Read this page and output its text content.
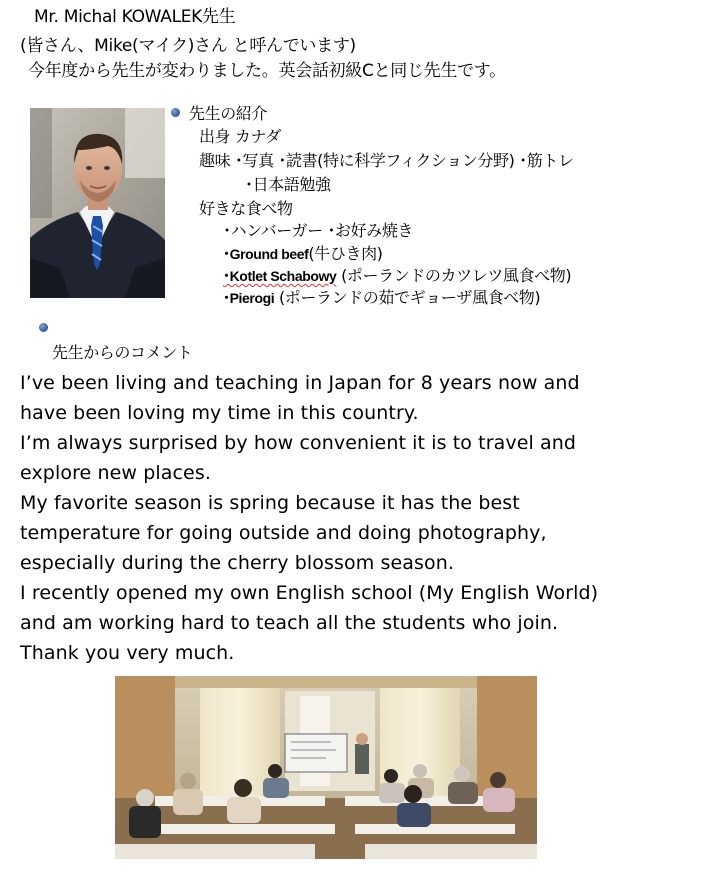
Mr. Michal KOWALEK先生
(皆さん、Mike(マイク)さん と呼んでいます)
今年度から先生が変わりました。英会話初級Cと同じ先生です。
先生の紹介
出身 カナダ
趣味 ･写真 ･読書(特に科学フィクション分野) ･筋トレ
･日本語勉強
好きな食べ物
･ハンバーガー ･お好み焼き
･Ground beef(牛ひき肉)
･Kotlet Schabowy (ポーランドのカツレツ風食べ物)
･Pierogi (ポーランドの茹でギョーザ風食べ物)
先生からのコメント
I’ve been living and teaching in Japan for 8 years now and
have been loving my time in this country.
I’m always surprised by how convenient it is to travel and
explore new places.
My favorite season is spring because it has the best
temperature for going outside and doing photography,
especially during the cherry blossom season.
I recently opened my own English school (My English World)
and am working hard to teach all the students who join.
Thank you very much.
